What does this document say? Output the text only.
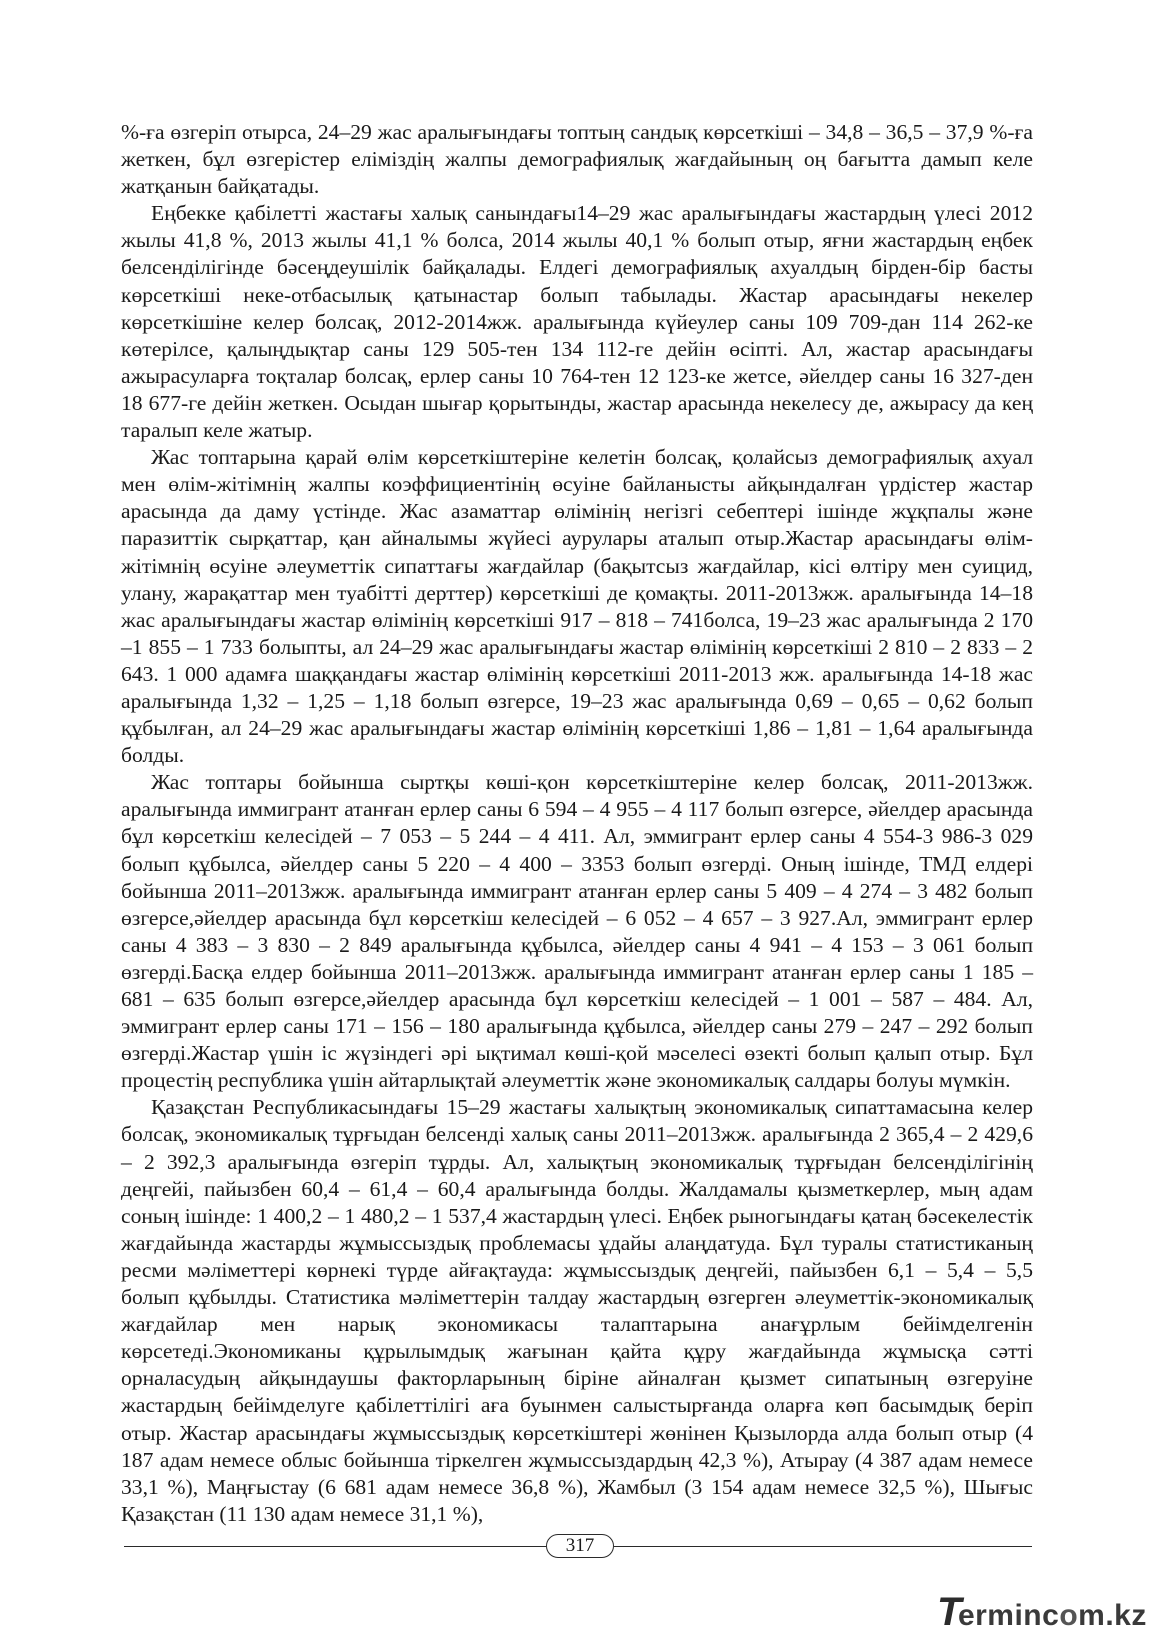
%-ға өзгеріп отырса, 24–29 жас аралығындағы топтың сандық көрсеткіші – 34,8 – 36,5 – 37,9 %-ға жеткен, бұл өзгерістер еліміздің жалпы демографиялық жағдайының оң бағытта дамып келе жатқанын байқатады.

Еңбекке қабілетті жастағы халық санындағы14–29 жас аралығындағы жастардың үлесі 2012 жылы 41,8 %, 2013 жылы 41,1 % болса, 2014 жылы 40,1 % болып отыр, яғни жастардың еңбек белсенділігінде бәсеңдеушілік байқалады. Елдегі демографиялық ахуалдың бірден-бір басты көрсеткіші неке-отбасылық қатынастар болып табылады. Жастар арасындағы некелер көрсеткішіне келер болсақ, 2012-2014жж. аралығында күйеулер саны 109 709-дан 114 262-ке көтерілсе, қалыңдықтар саны 129 505-тен 134 112-ге дейін өсіпті. Ал, жастар арасындағы ажырасуларға тоқталар болсақ, ерлер саны 10 764-тен 12 123-ке жетсе, әйелдер саны 16 327-ден 18 677-ге дейін жеткен. Осыдан шығар қорытынды, жастар арасында некелесу де, ажырасу да кең таралып келе жатыр.

Жас топтарына қарай өлім көрсеткіштеріне келетін болсақ, қолайсыз демографиялық ахуал мен өлім-жітімнің жалпы коэффициентінің өсуіне байланысты айқындалған үрдістер жастар арасында да даму үстінде. Жас азаматтар өлімінің негізгі себептері ішінде жұқпалы және паразиттік сырқаттар, қан айналымы жүйесі аурулары аталып отыр.Жастар арасындағы өлім-жітімнің өсуіне әлеуметтік сипаттағы жағдайлар (бақытсыз жағдайлар, кісі өлтіру мен суицид, улану, жарақаттар мен туабітті дерттер) көрсеткіші де қомақты. 2011-2013жж. аралығында 14–18 жас аралығындағы жастар өлімінің көрсеткіші 917 – 818 – 741болса, 19–23 жас аралығында 2 170 –1 855 – 1 733 болыпты, ал 24–29 жас аралығындағы жастар өлімінің көрсеткіші 2 810 – 2 833 – 2 643. 1 000 адамға шаққандағы жастар өлімінің көрсеткіші 2011-2013 жж. аралығында 14-18 жас аралығында 1,32 – 1,25 – 1,18 болып өзгерсе, 19–23 жас аралығында 0,69 – 0,65 – 0,62 болып құбылған, ал 24–29 жас аралығындағы жастар өлімінің көрсеткіші 1,86 – 1,81 – 1,64 аралығында болды.

Жас топтары бойынша сыртқы көші-қон көрсеткіштеріне келер болсақ, 2011-2013жж. аралығында иммигрант атанған ерлер саны 6 594 – 4 955 – 4 117 болып өзгерсе, әйелдер арасында бұл көрсеткіш келесідей – 7 053 – 5 244 – 4 411. Ал, эммигрант ерлер саны 4 554-3 986-3 029 болып құбылса, әйелдер саны 5 220 – 4 400 – 3353 болып өзгерді. Оның ішінде, ТМД елдері бойынша 2011–2013жж. аралығында иммигрант атанған ерлер саны 5 409 – 4 274 – 3 482 болып өзгерсе,әйелдер арасында бұл көрсеткіш келесідей – 6 052 – 4 657 – 3 927.Ал, эммигрант ерлер саны 4 383 – 3 830 – 2 849 аралығында құбылса, әйелдер саны 4 941 – 4 153 – 3 061 болып өзгерді.Басқа елдер бойынша 2011–2013жж. аралығында иммигрант атанған ерлер саны 1 185 – 681 – 635 болып өзгерсе,әйелдер арасында бұл көрсеткіш келесідей – 1 001 – 587 – 484. Ал, эммигрант ерлер саны 171 – 156 – 180 аралығында құбылса, әйелдер саны 279 – 247 – 292 болып өзгерді.Жастар үшін іс жүзіндегі әрі ықтимал көші-қой мәселесі өзекті болып қалып отыр. Бұл процестің республика үшін айтарлықтай әлеуметтік және экономикалық салдары болуы мүмкін.

Қазақстан Республикасындағы 15–29 жастағы халықтың экономикалық сипаттамасына келер болсақ, экономикалық тұрғыдан белсенді халық саны 2011–2013жж. аралығында 2 365,4 – 2 429,6 – 2 392,3 аралығында өзгеріп тұрды. Ал, халықтың экономикалық тұрғыдан белсенділігінің деңгейі, пайызбен 60,4 – 61,4 – 60,4 аралығында болды. Жалдамалы қызметкерлер, мың адам соның ішінде: 1 400,2 – 1 480,2 – 1 537,4 жастардың үлесі. Еңбек рыногындағы қатаң бәсекелестік жағдайында жастарды жұмыссыздық проблемасы ұдайы алаңдатуда. Бұл туралы статистиканың ресми мәліметтері көрнекі түрде айғақтауда: жұмыссыздық деңгейі, пайызбен 6,1 – 5,4 – 5,5 болып құбылды. Статистика мәліметтерін талдау жастардың өзгерген әлеуметтік-экономикалық жағдайлар мен нарық экономикасы талаптарына анағұрлым бейімделгенін көрсетеді.Экономиканы құрылымдық жағынан қайта құру жағдайында жұмысқа сәтті орналасудың айқындаушы факторларының біріне айналған қызмет сипатының өзгеруіне жастардың бейімделуге қабілеттілігі аға буынмен салыстырғанда оларға көп басымдық беріп отыр. Жастар арасындағы жұмыссыздық көрсеткіштері жөнінен Қызылорда алда болып отыр (4 187 адам немесе облыс бойынша тіркелген жұмыссыздардың 42,3 %), Атырау (4 387 адам немесе 33,1 %), Маңғыстау (6 681 адам немесе 36,8 %), Жамбыл (3 154 адам немесе 32,5 %), Шығыс Қазақстан (11 130 адам немесе 31,1 %),

317
Termincom.kz
